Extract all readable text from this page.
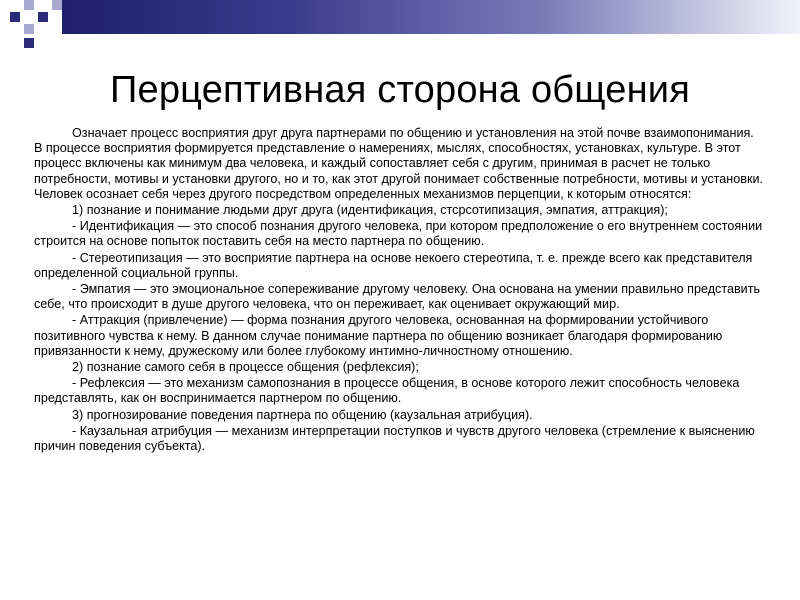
Перцептивная сторона общения

Означает процесс восприятия друг друга партнерами по общению и установления на этой почве взаимопонимания. В процессе восприятия формируется представление о намерениях, мыслях, способностях, установках, культуре. В этот процесс включены как минимум два человека, и каждый сопоставляет себя с другим, принимая в расчет не только потребности, мотивы и установки другого, но и то, как этот другой понимает собственные потребности, мотивы и установки. Человек осознает себя через другого посредством определенных механизмов перцепции, к которым относятся:

1) познание и понимание людьми друг друга (идентификация, стсрсотипизация, эмпатия, аттракция);

- Идентификация — это способ познания другого человека, при котором предположение о его внутреннем состоянии строится на основе попыток поставить себя на место партнера по общению.

- Стереотипизация — это восприятие партнера на основе некоего стереотипа, т. е. прежде всего как представителя определенной социальной группы.

- Эмпатия — это эмоциональное сопереживание другому человеку. Она основана на умении правильно представить себе, что происходит в душе другого человека, что он переживает, как оценивает окружающий мир.

- Аттракция (привлечение) — форма познания другого человека, основанная на формировании устойчивого позитивного чувства к нему. В данном случае понимание партнера по общению возникает благодаря формированию привязанности к нему, дружескому или более глубокому интимно-личностному отношению.

2) познание самого себя в процессе общения (рефлексия);

- Рефлексия — это механизм самопознания в процессе общения, в основе которого лежит способность человека представлять, как он воспринимается партнером по общению.

3) прогнозирование поведения партнера по общению (каузальная атрибуция).

- Каузальная атрибуция — механизм интерпретации поступков и чувств другого человека (стремление к выяснению причин поведения субъекта).
